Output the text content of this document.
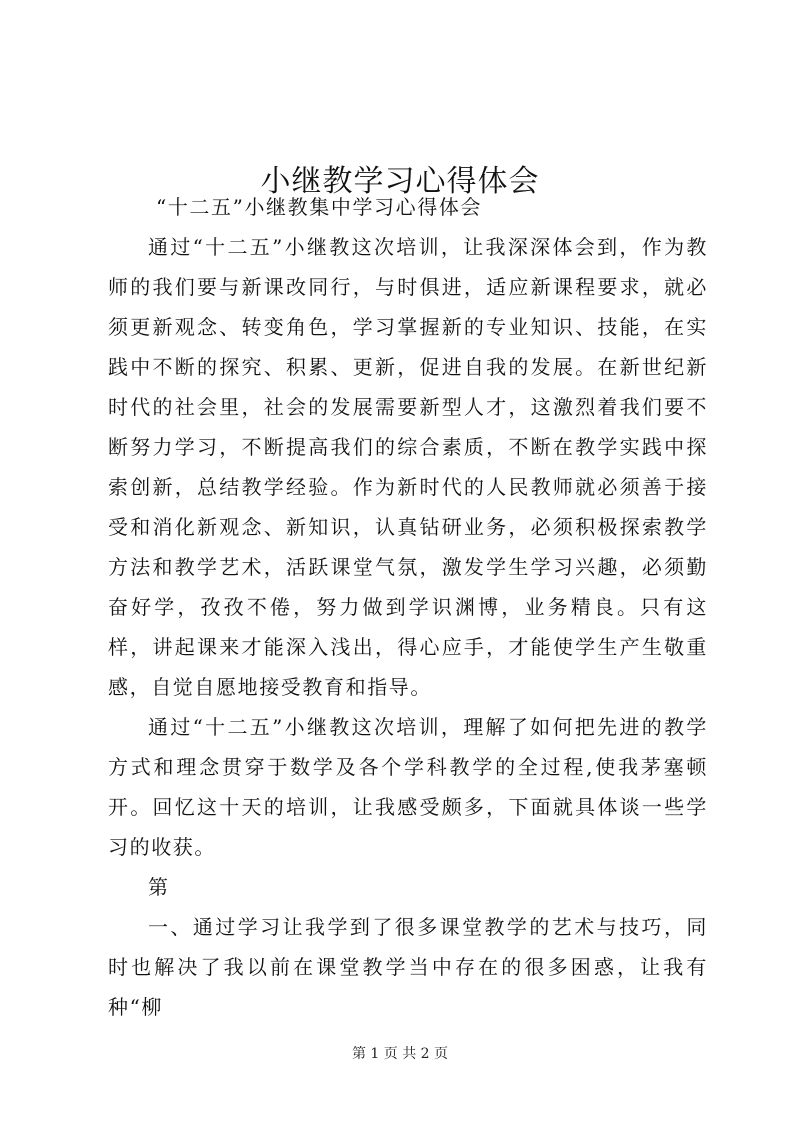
小继教学习心得体会

“十二五”小继教集中学习心得体会

通过“十二五”小继教这次培训，让我深深体会到，作为教师的我们要与新课改同行，与时俱进，适应新课程要求，就必须更新观念、转变角色，学习掌握新的专业知识、技能，在实践中不断的探究、积累、更新，促进自我的发展。在新世纪新时代的社会里，社会的发展需要新型人才，这激烈着我们要不断努力学习，不断提高我们的综合素质，不断在教学实践中探索创新，总结教学经验。作为新时代的人民教师就必须善于接受和消化新观念、新知识，认真钻研业务，必须积极探索教学方法和教学艺术，活跃课堂气氛，激发学生学习兴趣，必须勤奋好学，孜孜不倦，努力做到学识渊博，业务精良。只有这样，讲起课来才能深入浅出，得心应手，才能使学生产生敬重感，自觉自愿地接受教育和指导。

通过“十二五”小继教这次培训，理解了如何把先进的教学方式和理念贯穿于数学及各个学科教学的全过程,使我茅塞顿开。回忆这十天的培训，让我感受颇多，下面就具体谈一些学习的收获。

第

一、通过学习让我学到了很多课堂教学的艺术与技巧，同时也解决了我以前在课堂教学当中存在的很多困惑，让我有种“柳

第 1 页 共 2 页
